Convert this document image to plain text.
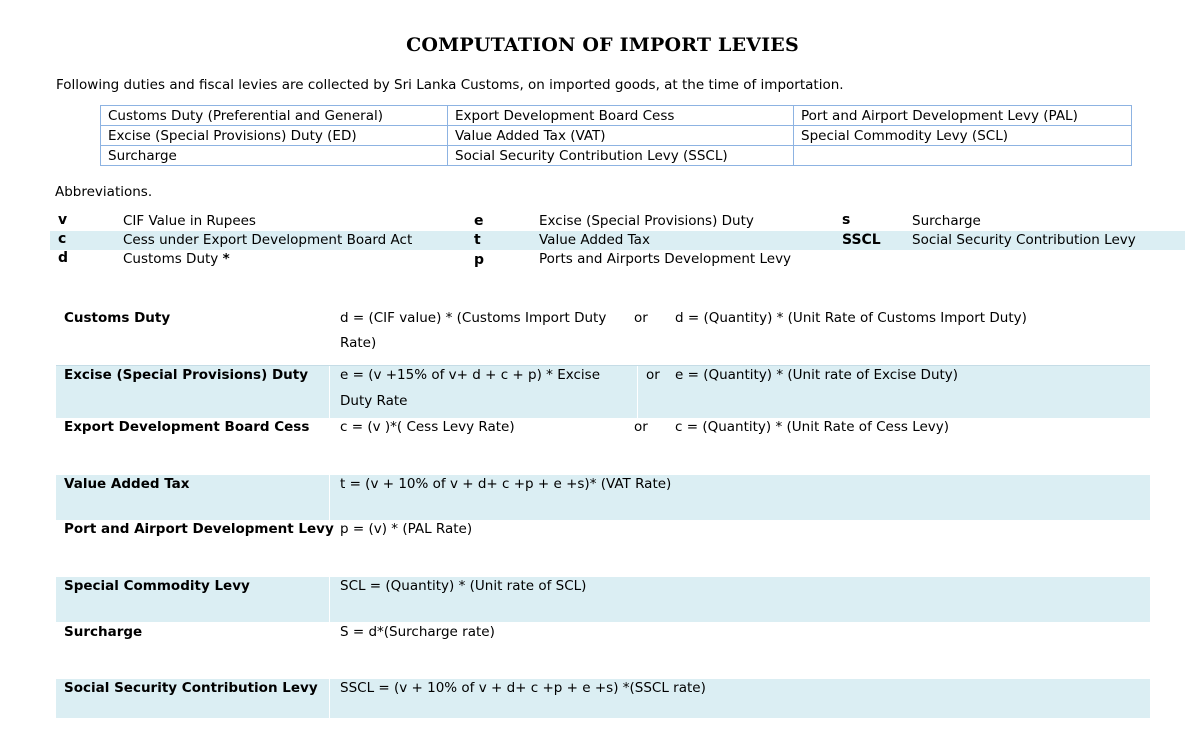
COMPUTATION OF IMPORT LEVIES
Following duties and fiscal levies are collected by Sri Lanka Customs, on imported goods, at the time of importation.
Customs Duty (Preferential and General)	Export Development Board Cess	Port and Airport Development Levy (PAL)
Excise (Special Provisions) Duty (ED)	Value Added Tax (VAT)	Special Commodity Levy (SCL)
Surcharge	Social Security Contribution Levy (SSCL)	
Abbreviations.
v	CIF Value in Rupees	e	Excise (Special Provisions) Duty	s	Surcharge
c	Cess under Export Development Board Act	t	Value Added Tax	SSCL Social Security Contribution Levy
d	Customs Duty *	p	Ports and Airports Development Levy
Customs Duty	d = (CIF value) * (Customs Import Duty
Rate)
or d = (Quantity) * (Unit Rate of Customs Import Duty)
Excise (Special Provisions) Duty e = (v +15% of v+ d + c + p) * Excise
Duty Rate
or e = (Quantity) * (Unit rate of Excise Duty)
Export Development Board Cess c = (v )*( Cess Levy Rate)	or c = (Quantity) * (Unit Rate of Cess Levy)
Value Added Tax	t = (v + 10% of v + d+ c +p + e +s)* (VAT Rate)
Port and Airport Development Levy p = (v) * (PAL Rate)
Special Commodity Levy	SCL = (Quantity) * (Unit rate of SCL)
Surcharge	S = d*(Surcharge rate)
Social Security Contribution Levy SSCL = (v + 10% of v + d+ c +p + e +s) *(SSCL rate)
